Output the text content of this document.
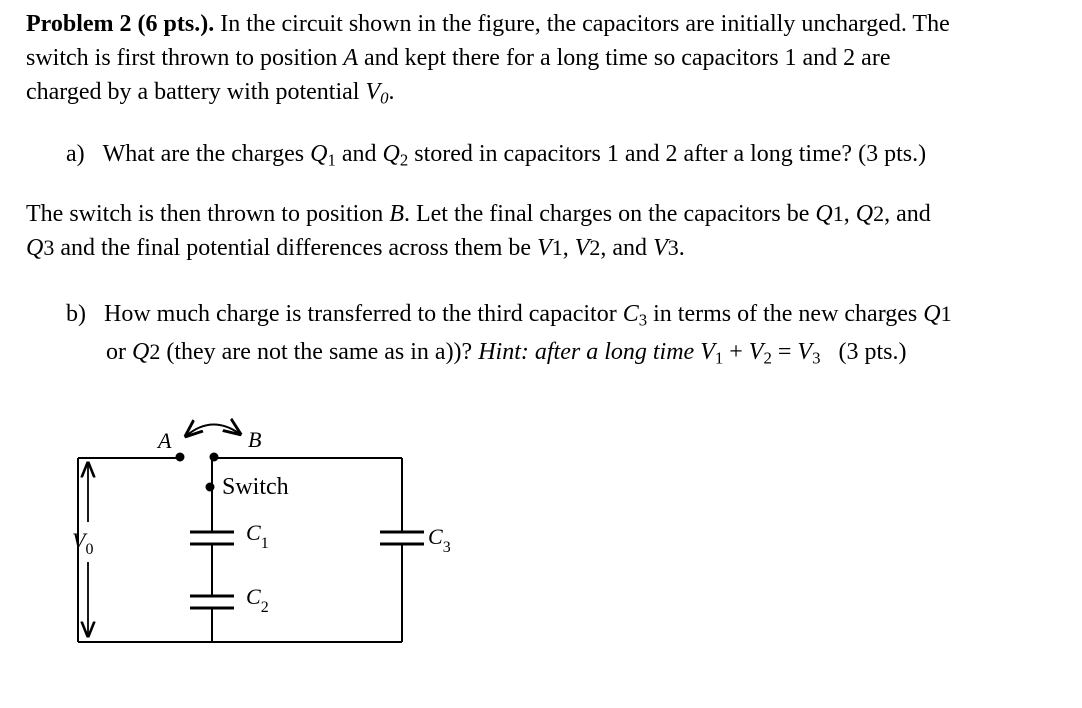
Problem 2 (6 pts.). In the circuit shown in the figure, the capacitors are initially uncharged. The
switch is first thrown to position A and kept there for a long time so capacitors 1 and 2 are
charged by a battery with potential $V_0$.
a) What are the charges $Q_1$ and $Q_2$ stored in capacitors 1 and 2 after a long time? (3 pts.)
The switch is then thrown to position B. Let the final charges on the capacitors be Q1, Q2, and
Q3 and the final potential differences across them be V1, V2, and V3.
b) How much charge is transferred to the third capacitor $C_3$ in terms of the new charges Q1
or Q2 (they are not the same as in a))? Hint: after a long time $V_1 + V_2 = V_3$   (3 pts.)
A	B
Switch
$C_1$
$C_2$
$C_3$
$V_0$
